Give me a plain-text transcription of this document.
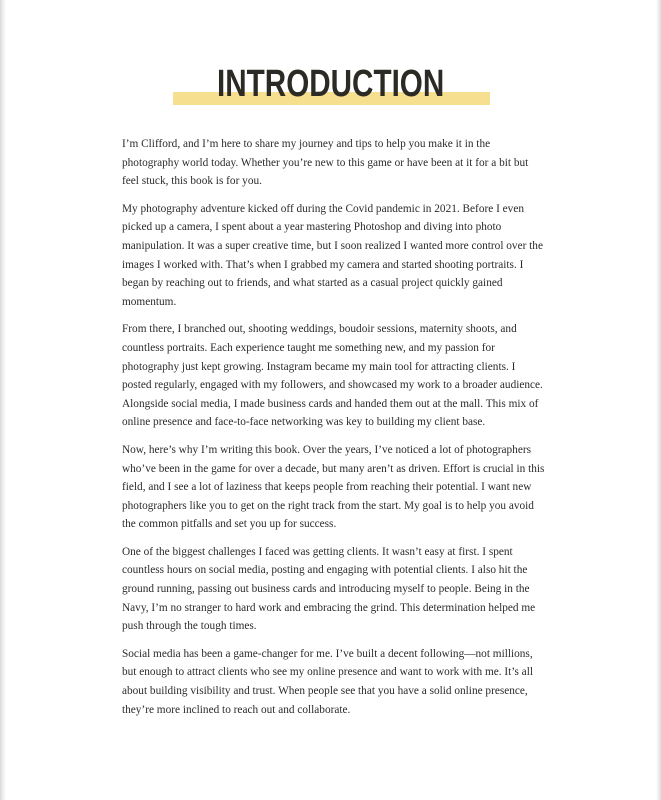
INTRODUCTION

I’m Clifford, and I’m here to share my journey and tips to help you make it in the photography world today. Whether you’re new to this game or have been at it for a bit but feel stuck, this book is for you.

My photography adventure kicked off during the Covid pandemic in 2021. Before I even picked up a camera, I spent about a year mastering Photoshop and diving into photo manipulation. It was a super creative time, but I soon realized I wanted more control over the images I worked with. That’s when I grabbed my camera and started shooting portraits. I began by reaching out to friends, and what started as a casual project quickly gained momentum.

From there, I branched out, shooting weddings, boudoir sessions, maternity shoots, and countless portraits. Each experience taught me something new, and my passion for photography just kept growing. Instagram became my main tool for attracting clients. I posted regularly, engaged with my followers, and showcased my work to a broader audience. Alongside social media, I made business cards and handed them out at the mall. This mix of online presence and face-to-face networking was key to building my client base.

Now, here’s why I’m writing this book. Over the years, I’ve noticed a lot of photographers who’ve been in the game for over a decade, but many aren’t as driven. Effort is crucial in this field, and I see a lot of laziness that keeps people from reaching their potential. I want new photographers like you to get on the right track from the start. My goal is to help you avoid the common pitfalls and set you up for success.

One of the biggest challenges I faced was getting clients. It wasn’t easy at first. I spent countless hours on social media, posting and engaging with potential clients. I also hit the ground running, passing out business cards and introducing myself to people. Being in the Navy, I’m no stranger to hard work and embracing the grind. This determination helped me push through the tough times.

Social media has been a game-changer for me. I’ve built a decent following—not millions, but enough to attract clients who see my online presence and want to work with me. It’s all about building visibility and trust. When people see that you have a solid online presence, they’re more inclined to reach out and collaborate.
